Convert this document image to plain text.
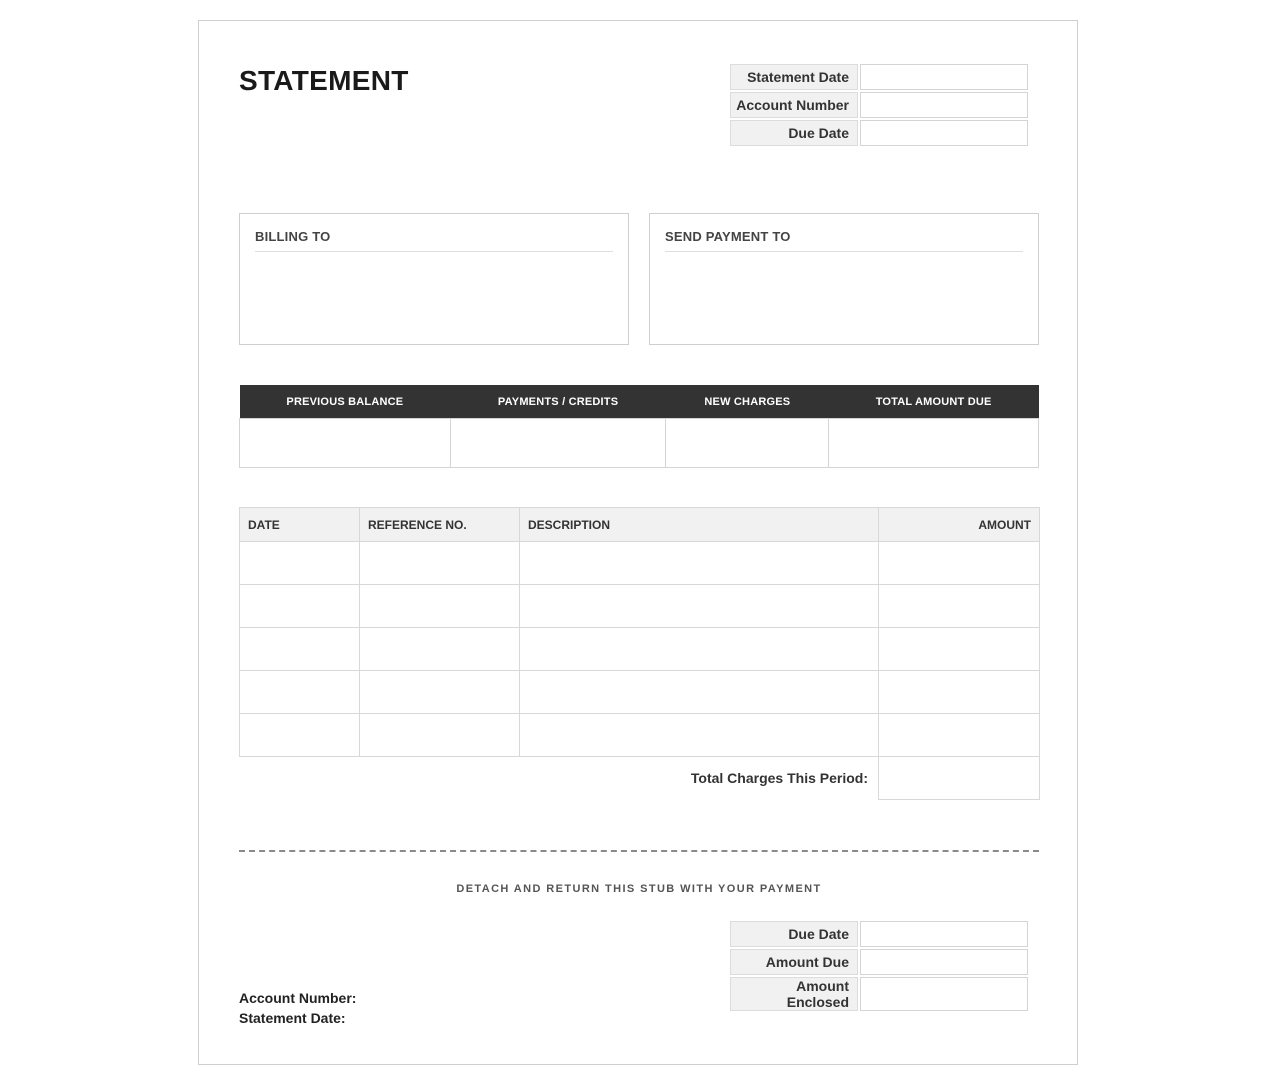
STATEMENT	Statement Date	
Account Number	
Due Date	
BILLING TO	SEND PAYMENT TO
PREVIOUS BALANCE	PAYMENTS / CREDITS	NEW CHARGES	TOTAL AMOUNT DUE

DATE	REFERENCE NO.	DESCRIPTION	AMOUNT

Total Charges This Period:			
DETACH AND RETURN THIS STUB WITH YOUR PAYMENT
Due Date	
Amount Due	
Amount Enclosed	
Account Number:
Statement Date:
